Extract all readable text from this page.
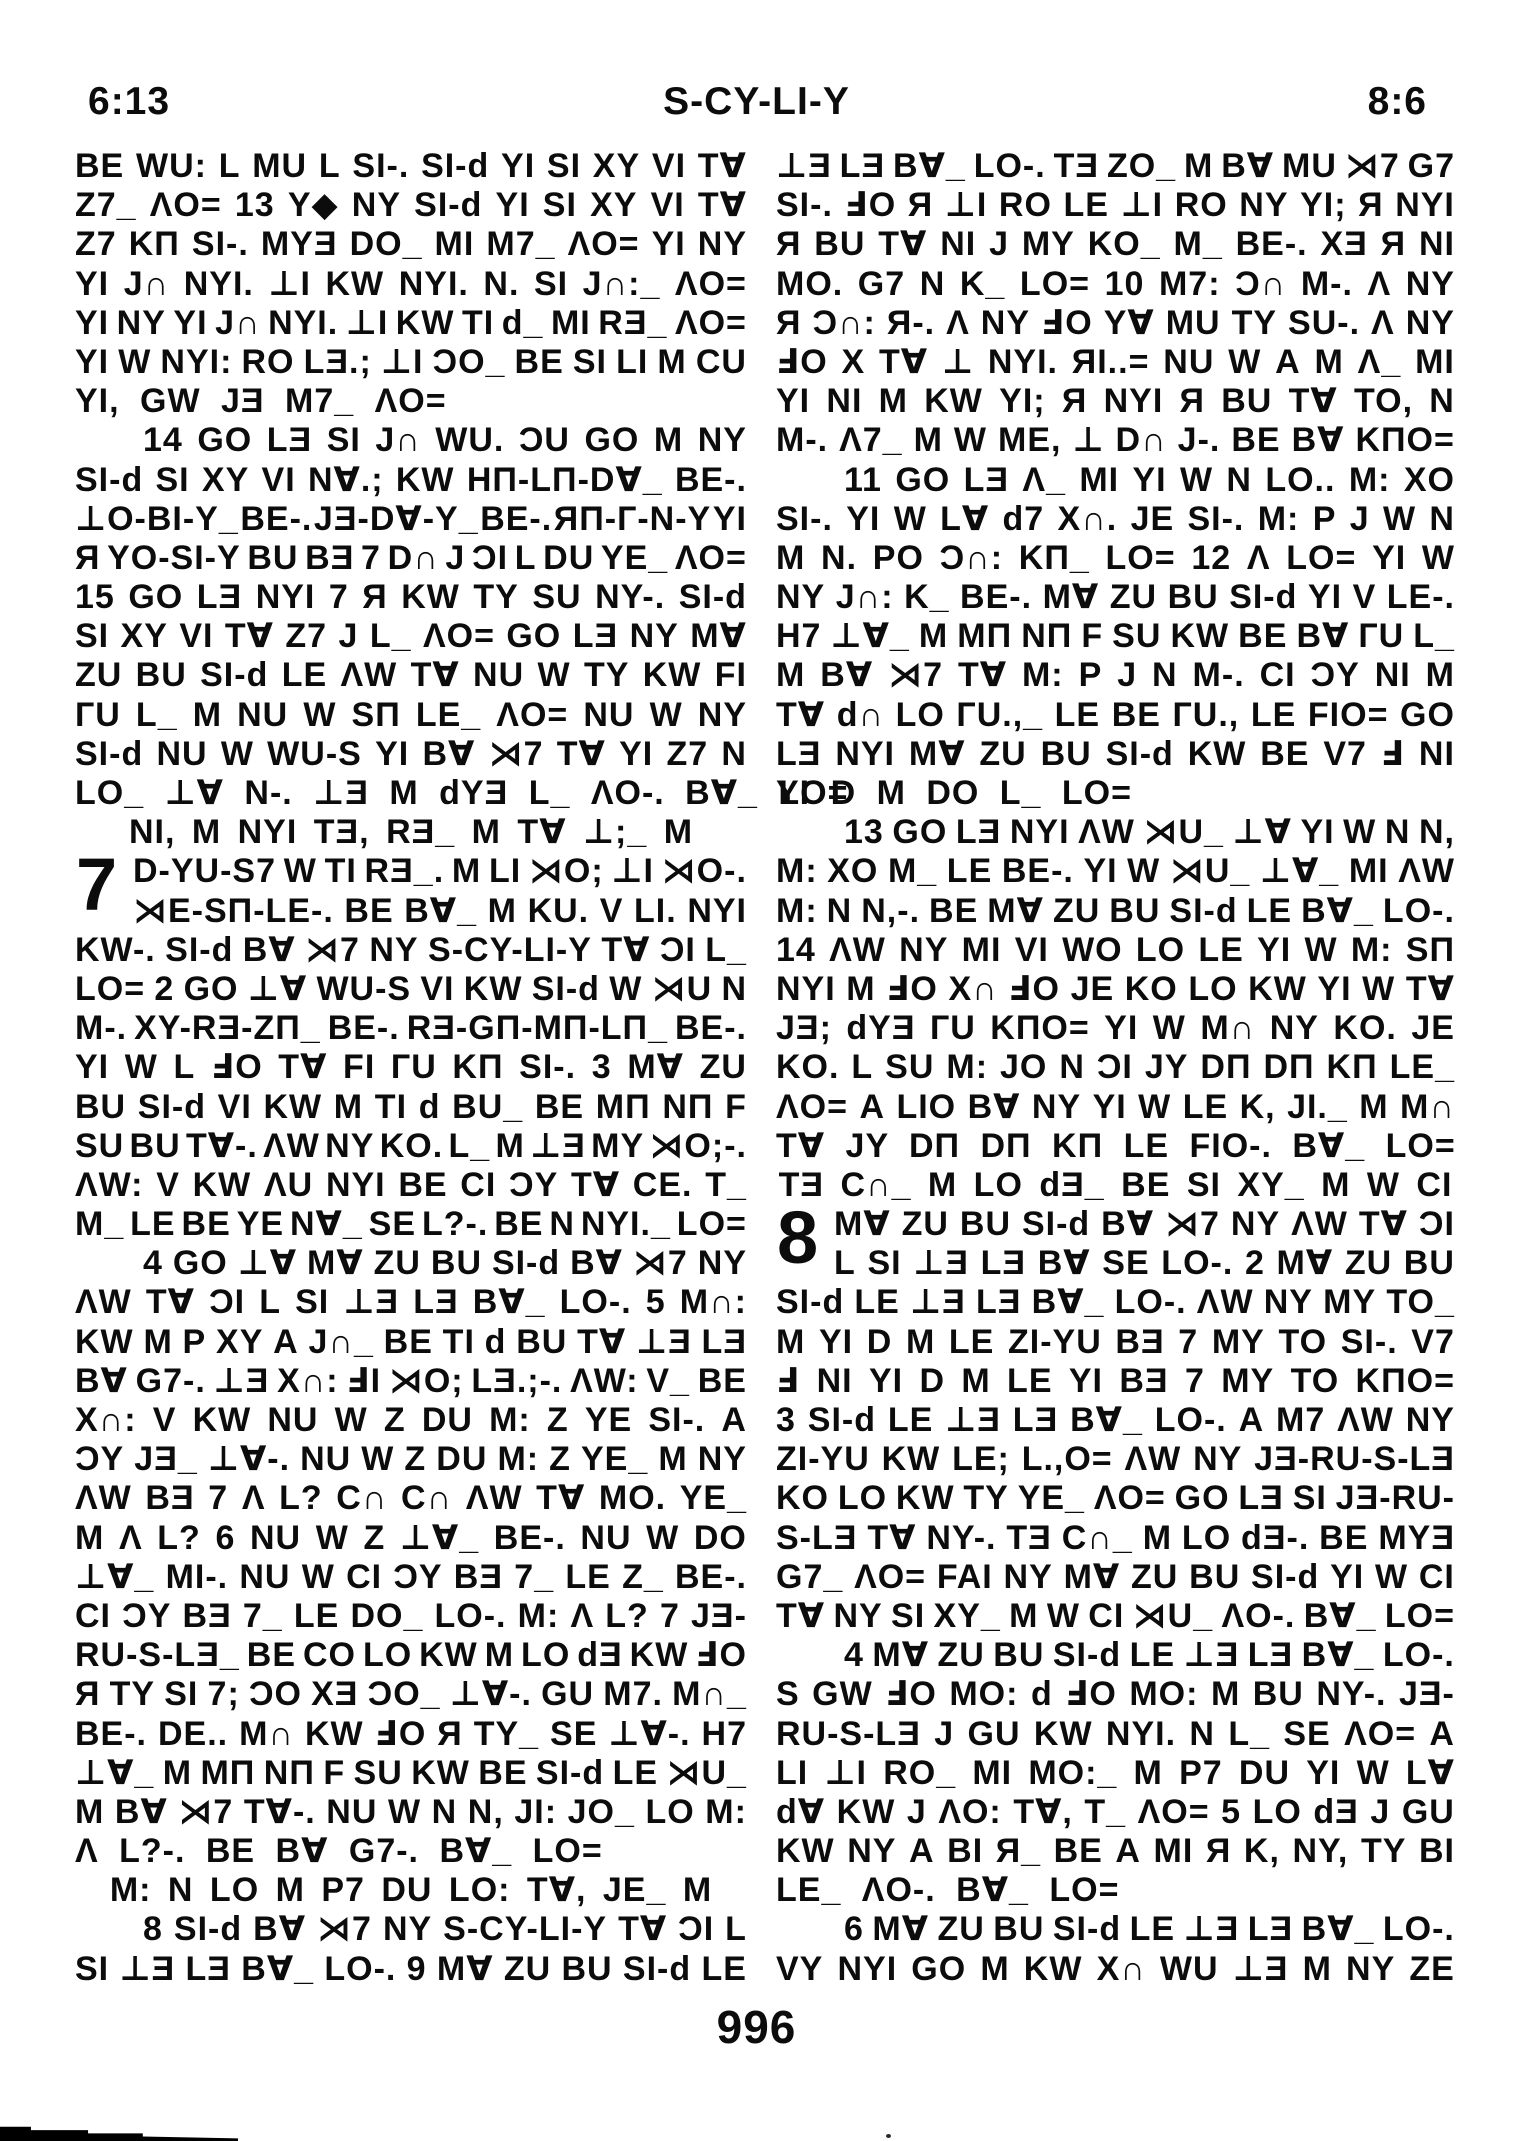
6:13	S-CY-LI-Y	8:6
BE WU: L MU L SI-. SI-d YI SI XY VI T∀
Z7_ ΛO= 13 Y◆ NY SI-d YI SI XY VI T∀
Z7 KΠ SI-. MYƎ DO_ MI M7_ ΛO= YI NY
YI J∩ NYI. ⊥I KW NYI. N. SI J∩:_ ΛO=
YI NY YI J∩ NYI. ⊥I KW TI d_ MI RƎ_ ΛO=
YI W NYI: RO LƎ.; ⊥I ƆO_ BE SI LI M CU
YI, GW JƎ M7_ ΛO=
14 GO LƎ SI J∩ WU. ƆU GO M NY
SI-d SI XY VI N∀.; KW HΠ-LΠ-D∀_ BE-.
⊥O-BI-Y_ BE-. JƎ-D∀-Y_ BE-. ЯΠ-Г-N-Y YI
Я YO-SI-Y BU BƎ 7 D∩ J ƆI L DU YE_ ΛO=
15 GO LƎ NYI 7 Я KW TY SU NY-. SI-d
SI XY VI T∀ Z7 J L_ ΛO= GO LƎ NY M∀
ZU BU SI-d LE ΛW T∀ NU W TY KW FI
ГU L_ M NU W SΠ LE_ ΛO= NU W NY
SI-d NU W WU-S YI B∀ ⋊7 T∀ YI Z7 N
LO_ ⊥∀ N-. ⊥Ǝ M dYƎ L_ ΛO-. B∀_ LO=
NI, M NYI TƎ, RƎ_ M T∀ ⊥;_ M
7 D-YU-S7 W TI RƎ_. M LI ⋊O; ⊥I ⋊O-.
⋊E-SΠ-LE-. BE B∀_ M KU. V LI. NYI
KW-. SI-d B∀ ⋊7 NY S-CY-LI-Y T∀ ƆI L_
LO= 2 GO ⊥∀ WU-S VI KW SI-d W ⋊U N
M-. XY-RƎ-ZΠ_ BE-. RƎ-GΠ-MΠ-LΠ_ BE-.
YI W L ℲO T∀ FI ГU KΠ SI-. 3 M∀ ZU
BU SI-d VI KW M TI d BU_ BE MΠ NΠ F
SU BU T∀-. ΛW NY KO. L_ M ⊥Ǝ MY ⋊O;-.
ΛW: V KW ΛU NYI BE CI ƆY T∀ CE. T_
M_ LE BE YE N∀_ SE L?-. BE N NYI._ LO=
4 GO ⊥∀ M∀ ZU BU SI-d B∀ ⋊7 NY
ΛW T∀ ƆI L SI ⊥Ǝ LƎ B∀_ LO-. 5 M∩:
KW M P XY A J∩_ BE TI d BU T∀ ⊥Ǝ LƎ
B∀ G7-. ⊥Ǝ X∩: ℲI ⋊O; LƎ.;-. ΛW: V_ BE
X∩: V KW NU W Z DU M: Z YE SI-. A
ƆY JƎ_ ⊥∀-. NU W Z DU M: Z YE_ M NY
ΛW BƎ 7 Λ L? C∩ C∩ ΛW T∀ MO. YE_
M Λ L? 6 NU W Z ⊥∀_ BE-. NU W DO
⊥∀_ MI-. NU W CI ƆY BƎ 7_ LE Z_ BE-.
CI ƆY BƎ 7_ LE DO_ LO-. M: Λ L? 7 JƎ-
RU-S-LƎ_ BE CO LO KW M LO dƎ KW ℲO
Я TY SI 7; ƆO XƎ ƆO_ ⊥∀-. GU M7. M∩_
BE-. DE.. M∩ KW ℲO Я TY_ SE ⊥∀-. H7
⊥∀_ M MΠ NΠ F SU KW BE SI-d LE ⋊U_
M B∀ ⋊7 T∀-. NU W N N, JI: JO_ LO M:
Λ L?-. BE B∀ G7-. B∀_ LO=
M: N LO M P7 DU LO: T∀, JE_ M
8 SI-d B∀ ⋊7 NY S-CY-LI-Y T∀ ƆI L
SI ⊥Ǝ LƎ B∀_ LO-. 9 M∀ ZU BU SI-d LE
⊥Ǝ LƎ B∀_ LO-. TƎ ZO_ M B∀ MU ⋊7 G7
SI-. ℲO Я ⊥I RO LE ⊥I RO NY YI; Я NYI
Я BU T∀ NI J MY KO_ M_ BE-. XƎ Я NI
MO. G7 N K_ LO= 10 M7: Ɔ∩ M-. Λ NY
Я Ɔ∩: Я-. Λ NY ℲO Y∀ MU TY SU-. Λ NY
ℲO X T∀ ⊥ NYI. ЯI..= NU W A M Λ_ MI
YI NI M KW YI; Я NYI Я BU T∀ TO, N
M-. Λ7_ M W ME, ⊥ D∩ J-. BE B∀ KΠO=
11 GO LƎ Λ_ MI YI W N LO.. M: XO
SI-. YI W L∀ d7 X∩. JE SI-. M: P J W N
M N. PO Ɔ∩: KΠ_ LO= 12 Λ LO= YI W
NY J∩: K_ BE-. M∀ ZU BU SI-d YI V LE-.
H7 ⊥∀_ M MΠ NΠ F SU KW BE B∀ ГU L_
M B∀ ⋊7 T∀ M: P J N M-. CI ƆY NI M
T∀ d∩ LO ГU.,_ LE BE ГU., LE FIO= GO
LƎ NYI M∀ ZU BU SI-d KW BE V7 Ⅎ NI
YI D M DO L_ LO=
13 GO LƎ NYI ΛW ⋊U_ ⊥∀ YI W N N,
M: XO M_ LE BE-. YI W ⋊U_ ⊥∀_ MI ΛW
M: N N,-. BE M∀ ZU BU SI-d LE B∀_ LO-.
14 ΛW NY MI VI WO LO LE YI W M: SΠ
NYI M ℲO X∩ ℲO JE KO LO KW YI W T∀
JƎ; dYƎ ГU KΠO= YI W M∩ NY KO. JE
KO. L SU M: JO N ƆI JY DΠ DΠ KΠ LE_
ΛO= A LIO B∀ NY YI W LE K, JI._ M M∩
T∀ JY DΠ DΠ KΠ LE FIO-. B∀_ LO=
TƎ C∩_ M LO dƎ_ BE SI XY_ M W CI
8 M∀ ZU BU SI-d B∀ ⋊7 NY ΛW T∀ ƆI
L SI ⊥Ǝ LƎ B∀ SE LO-. 2 M∀ ZU BU
SI-d LE ⊥Ǝ LƎ B∀_ LO-. ΛW NY MY TO_
M YI D M LE ZI-YU BƎ 7 MY TO SI-. V7
Ⅎ NI YI D M LE YI BƎ 7 MY TO KΠO=
3 SI-d LE ⊥Ǝ LƎ B∀_ LO-. A M7 ΛW NY
ZI-YU KW LE; L.,O= ΛW NY JƎ-RU-S-LƎ
KO LO KW TY YE_ ΛO= GO LƎ SI JƎ-RU-
S-LƎ T∀ NY-. TƎ C∩_ M LO dƎ-. BE MYƎ
G7_ ΛO= FAI NY M∀ ZU BU SI-d YI W CI
T∀ NY SI XY_ M W CI ⋊U_ ΛO-. B∀_ LO=
4 M∀ ZU BU SI-d LE ⊥Ǝ LƎ B∀_ LO-.
S GW ℲO MO: d ℲO MO: M BU NY-. JƎ-
RU-S-LƎ J GU KW NYI. N L_ SE ΛO= A
LI ⊥I RO_ MI MO:_ M P7 DU YI W L∀
d∀ KW J ΛO: T∀, T_ ΛO= 5 LO dƎ J GU
KW NY A BI Я_ BE A MI Я K, NY, TY BI
LE_ ΛO-. B∀_ LO=
6 M∀ ZU BU SI-d LE ⊥Ǝ LƎ B∀_ LO-.
VY NYI GO M KW X∩ WU ⊥Ǝ M NY ZE
996
